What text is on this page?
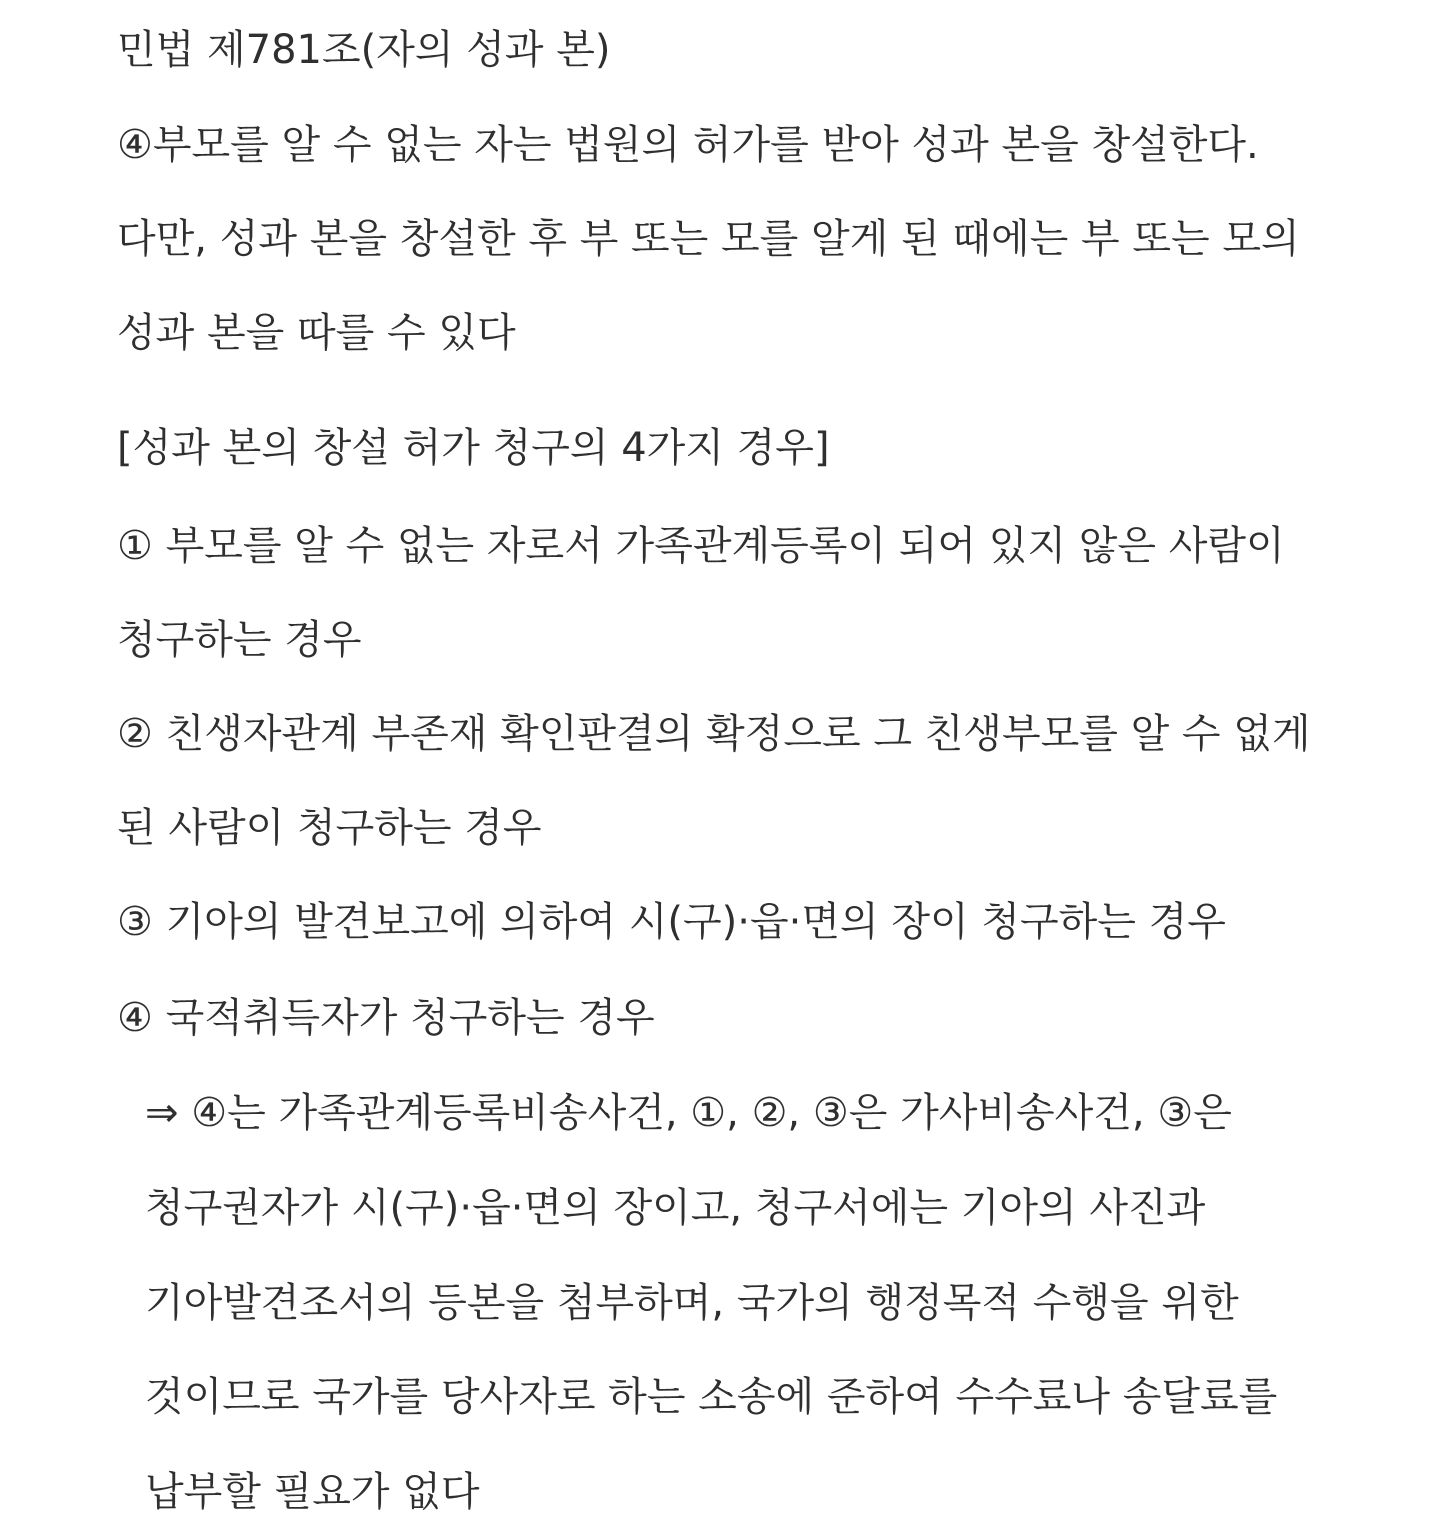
민법 제781조(자의 성과 본)
④부모를 알 수 없는 자는 법원의 허가를 받아 성과 본을 창설한다.
다만, 성과 본을 창설한 후 부 또는 모를 알게 된 때에는 부 또는 모의
성과 본을 따를 수 있다
[성과 본의 창설 허가 청구의 4가지 경우]
① 부모를 알 수 없는 자로서 가족관계등록이 되어 있지 않은 사람이
청구하는 경우
② 친생자관계 부존재 확인판결의 확정으로 그 친생부모를 알 수 없게
된 사람이 청구하는 경우
③ 기아의 발견보고에 의하여 시(구)·읍·면의 장이 청구하는 경우
④ 국적취득자가 청구하는 경우
⇒ ④는 가족관계등록비송사건, ①, ②, ③은 가사비송사건, ③은
청구권자가 시(구)·읍·면의 장이고, 청구서에는 기아의 사진과
기아발견조서의 등본을 첨부하며, 국가의 행정목적 수행을 위한
것이므로 국가를 당사자로 하는 소송에 준하여 수수료나 송달료를
납부할 필요가 없다
